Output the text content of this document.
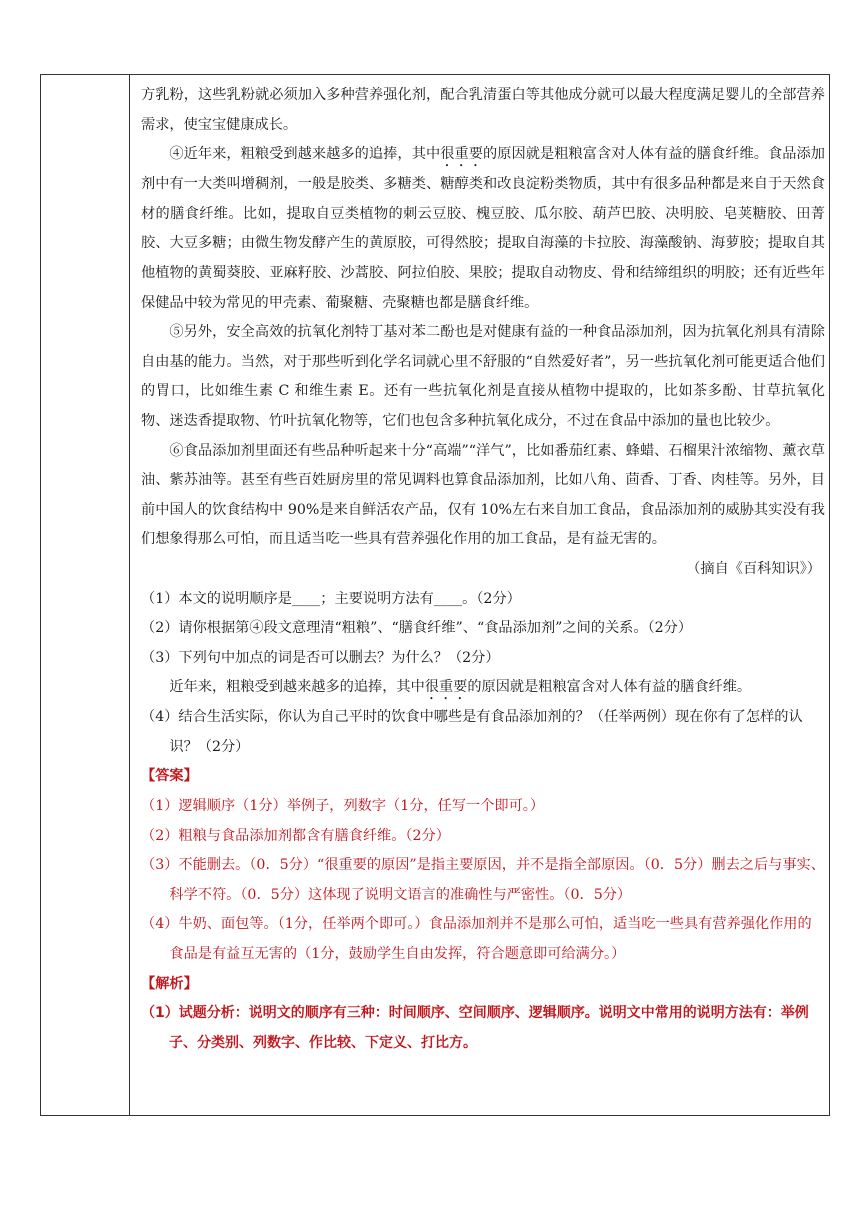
方乳粉，这些乳粉就必须加入多种营养强化剂，配合乳清蛋白等其他成分就可以最大程度满足婴儿的全部营养需求，使宝宝健康成长。

④近年来，粗粮受到越来越多的追捧，其中很重要的原因就是粗粮富含对人体有益的膳食纤维。食品添加剂中有一大类叫增稠剂，一般是胶类、多糖类、糖醇类和改良淀粉类物质，其中有很多品种都是来自于天然食材的膳食纤维。比如，提取自豆类植物的刺云豆胶、槐豆胶、瓜尔胶、葫芦巴胶、决明胶、皂荚糖胶、田菁胶、大豆多糖；由微生物发酵产生的黄原胶，可得然胶；提取自海藻的卡拉胶、海藻酸钠、海萝胶；提取自其他植物的黄蜀葵胶、亚麻籽胶、沙蒿胶、阿拉伯胶、果胶；提取自动物皮、骨和结缔组织的明胶；还有近些年保健品中较为常见的甲壳素、葡聚糖、壳聚糖也都是膳食纤维。

⑤另外，安全高效的抗氧化剂特丁基对苯二酚也是对健康有益的一种食品添加剂，因为抗氧化剂具有清除自由基的能力。当然，对于那些听到化学名词就心里不舒服的“自然爱好者”，另一些抗氧化剂可能更适合他们的胃口，比如维生素 C 和维生素 E。还有一些抗氧化剂是直接从植物中提取的，比如茶多酚、甘草抗氧化物、迷迭香提取物、竹叶抗氧化物等，它们也包含多种抗氧化成分，不过在食品中添加的量也比较少。

⑥食品添加剂里面还有些品种听起来十分“高端”“洋气”，比如番茄红素、蜂蜡、石榴果汁浓缩物、薰衣草油、紫苏油等。甚至有些百姓厨房里的常见调料也算食品添加剂，比如八角、茴香、丁香、肉桂等。另外，目前中国人的饮食结构中 90%是来自鲜活农产品，仅有 10%左右来自加工食品，食品添加剂的威胁其实没有我们想象得那么可怕，而且适当吃一些具有营养强化作用的加工食品，是有益无害的。

（摘自《百科知识》）

（1）本文的说明顺序是____；主要说明方法有____。（2分）

（2）请你根据第④段文意理清“粗粮”、“膳食纤维”、“食品添加剂”之间的关系。（2分）

（3）下列句中加点的词是否可以删去？为什么？（2分）

近年来，粗粮受到越来越多的追捧，其中很重要的原因就是粗粮富含对人体有益的膳食纤维。

（4）结合生活实际，你认为自己平时的饮食中哪些是有食品添加剂的？（任举两例）现在你有了怎样的认识？（2分）

【答案】

（1）逻辑顺序（1分）举例子，列数字（1分，任写一个即可。）

（2）粗粮与食品添加剂都含有膳食纤维。（2分）

（3）不能删去。（0．5分）“很重要的原因”是指主要原因，并不是指全部原因。（0．5分）删去之后与事实、科学不符。（0．5分）这体现了说明文语言的准确性与严密性。（0．5分）

（4）牛奶、面包等。（1分，任举两个即可。）食品添加剂并不是那么可怕，适当吃一些具有营养强化作用的食品是有益互无害的（1分，鼓励学生自由发挥，符合题意即可给满分。）

【解析】

（1）试题分析：说明文的顺序有三种：时间顺序、空间顺序、逻辑顺序。说明文中常用的说明方法有：举例子、分类别、列数字、作比较、下定义、打比方。
